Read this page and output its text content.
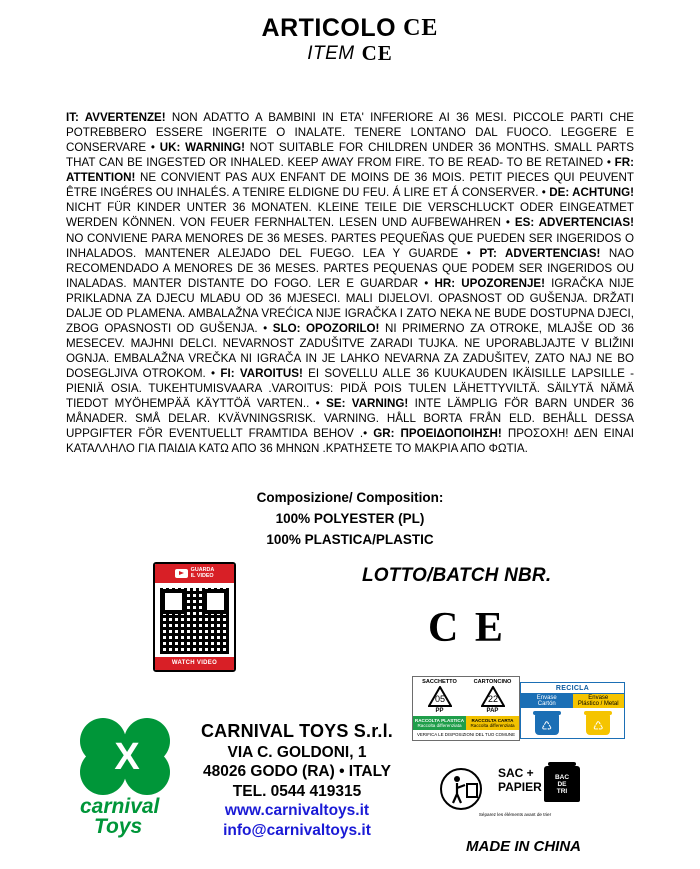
ARTICOLO CΕ
ITEM CΕ
IT: AVVERTENZE! NON ADATTO A BAMBINI IN ETA' INFERIORE AI 36 MESI. PICCOLE PARTI CHE POTREBBERO ESSERE INGERITE O INALATE. TENERE LONTANO DAL FUOCO. LEGGERE E CONSERVARE • UK: WARNING! NOT SUITABLE FOR CHILDREN UNDER 36 MONTHS. SMALL PARTS THAT CAN BE INGESTED OR INHALED. KEEP AWAY FROM FIRE. TO BE READ- TO BE RETAINED • FR: ATTENTION! NE CONVIENT PAS AUX ENFANT DE MOINS DE 36 MOIS. PETIT PIECES QUI PEUVENT ÊTRE INGÉRES OU INHALÉS. A TENIRE ELDIGNE DU FEU. Á LIRE ET Á CONSERVER. • DE: ACHTUNG! NICHT FÜR KINDER UNTER 36 MONATEN. KLEINE TEILE DIE VERSCHLUCKT ODER EINGEATMET WERDEN KÖNNEN. VON FEUER FERNHALTEN. LESEN UND AUFBEWAHREN • ES: ADVERTENCIAS! NO CONVIENE PARA MENORES DE 36 MESES. PARTES PEQUEÑAS QUE PUEDEN SER INGERIDOS O INHALADOS. MANTENER ALEJADO DEL FUEGO. LEA Y GUARDE • PT: ADVERTENCIAS! NAO RECOMENDADO A MENORES DE 36 MESES. PARTES PEQUENAS QUE PODEM SER INGERIDOS OU INALADAS. MANTER DISTANTE DO FOGO. LER E GUARDAR • HR: UPOZORENJE! IGRAČKA NIJE PRIKLADNA ZA DJECU MLAĐU OD 36 MJESECI. MALI DIJELOVI. OPASNOST OD GUŠENJA. DRŽATI DALJE OD PLAMENA. AMBALAŽNA VREĆICA NIJE IGRAČKA I ZATO NEKA NE BUDE DOSTUPNA DJECI, ZBOG OPASNOSTI OD GUŠENJA. • SLO: OPOZORILO! NI PRIMERNO ZA OTROKE, MLAJŠE OD 36 MESECEV. MAJHNI DELCI. NEVARNOST ZADUŠITVE ZARADI TUJKA. NE UPORABLJAJTE V BLIŽINI OGNJA. EMBALAŽNA VREČKA NI IGRAČA IN JE LAHKO NEVARNA ZA ZADUŠITEV, ZATO NAJ NE BO DOSEGLJIVA OTROKOM. • FI: VAROITUS! EI SOVELLU ALLE 36 KUUKAUDEN IKÄISILLE LAPSILLE - PIENIÄ OSIA. TUKEHTUMISVAARA .VAROITUS: PIDÄ POIS TULEN LÄHETTYVILTÄ. SÄILYTÄ NÄMÄ TIEDOT MYÖHEMPÄÄ KÄYTTÖÄ VARTEN.. • SE: VARNING! INTE LÄMPLIG FÖR BARN UNDER 36 MÅNADER. SMÅ DELAR. KVÄVNINGSRISK. VARNING. HÅLL BORTA FRÅN ELD. BEHÅLL DESSA UPPGIFTER FÖR EVENTUELLT FRAMTIDA BEHOV .• GR: ΠΡΟΕΙΔΟΠΟΙΗΣΗ! ΠΡΟΣΟΧΗ! ΔΕΝ ΕΙΝΑΙ ΚΑΤΑΛΛΗΛΟ ΓΙΑ ΠΑΙΔΙΑ ΚΑΤΩ ΑΠΟ 36 ΜΗΝΩΝ .ΚΡΑΤΗΣΕΤΕ ΤΟ ΜΑΚΡΙΑ ΑΠΟ ΦΩΤΙΑ.
Composizione/ Composition:
100% POLYESTER (PL)
100% PLASTICA/PLASTIC
GUARDA
IL VIDEO
WATCH VIDEO
LOTTO/BATCH NBR.
C E
X
carnival
Toys
CARNIVAL TOYS S.r.l.
VIA C. GOLDONI, 1
48026 GODO (RA) • ITALY
TEL. 0544 419315
www.carnivaltoys.it
info@carnivaltoys.it
SACCHETTO	CARTONCINO
05
PP
22
PAP
RACCOLTA PLASTICA
Raccolta differenziata
RACCOLTA CARTA
Raccolta differenziata
VERIFICA LE DISPOSIZIONI DEL TUO COMUNE
RECICLA
Envase
Cartón
♺
Envase
Plástico / Metal
♺
SAC +
PAPIER
BAC
DE
TRI
Séparez les éléments avant de trier
MADE IN CHINA
